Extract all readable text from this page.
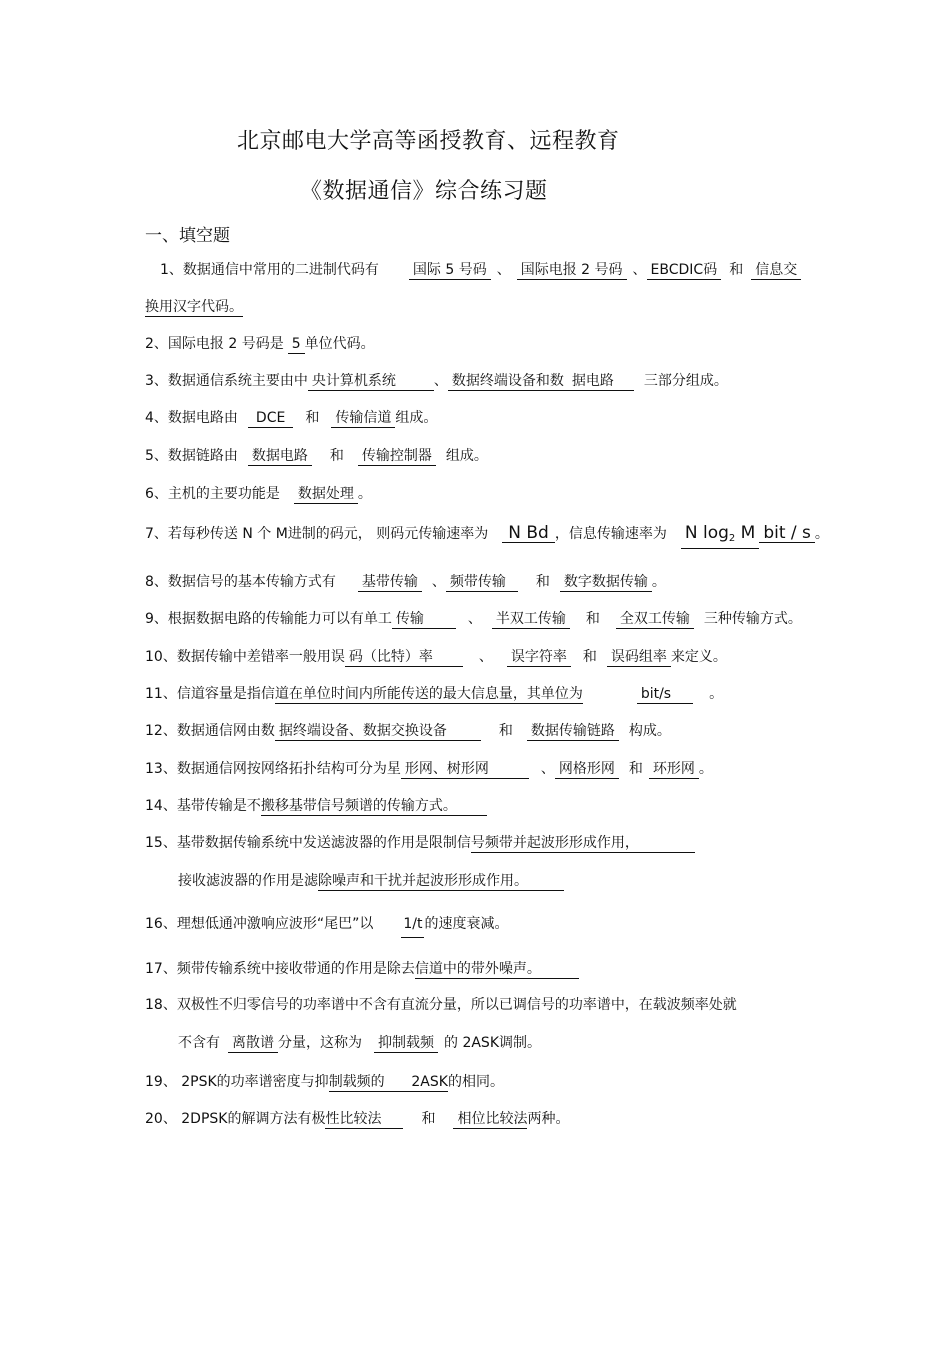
北京邮电大学高等函授教育、远程教育
《数据通信》综合练习题
一、填空题
1、数据通信中常用的二进制代码有 国际 5 号码 、 国际电报 2 号码 、 EBCDIC码 和 信息交
换用汉字代码。
2、国际电报 2 号码是 5 单位代码。
3、数据通信系统主要由中 央计算机系统	、 数据终端设备和数 据电路 三部分组成。
4、数据电路由 DCE 和 传输信道 组成。
5、数据链路由 数据电路 和 传输控制器 组成。
6、主机的主要功能是 数据处理 。
7、若每秒传送 N 个 M进制的码元， 则码元传输速率为 N Bd ，信息传输速率为 N $\log_2 M$ bit / s 。
8、数据信号的基本传输方式有 基带传输 、 频带传输 和 数字数据传输 。
9、根据数据电路的传输能力可以有单工 传输	、 半双工传输 和 全双工传输 三种传输方式。
10、数据传输中差错率一般用误 码（比特）率	、 误字符率 和 误码组率 来定义。
11、信道容量是指信道在单位时间内所能传送的最大信息量，其单位为	bit/s	。
12、数据通信网由数 据终端设备、数据交换设备	和 数据传输链路 构成。
13、数据通信网按网络拓扑结构可分为星 形网、树形网	、 网格形网 和 环形网 。
14、基带传输是不搬移基带信号频谱的传输方式。
15、基带数据传输系统中发送滤波器的作用是限制信号频带并起波形形成作用，
接收滤波器的作用是滤除噪声和干扰并起波形形成作用。
16、理想低通冲激响应波形“尾巴”以 1/t 的速度衰减。
17、频带传输系统中接收带通的作用是除去信道中的带外噪声。
18、双极性不归零信号的功率谱中不含有直流分量，所以已调信号的功率谱中，在载波频率处就
不含有 离散谱 分量，这称为 抑制载频 的 2ASK调制。
19、 2PSK的功率谱密度与抑制载频的      2ASK的相同。
20、 2DPSK的解调方法有极性比较法	和 相位比较法两种。
